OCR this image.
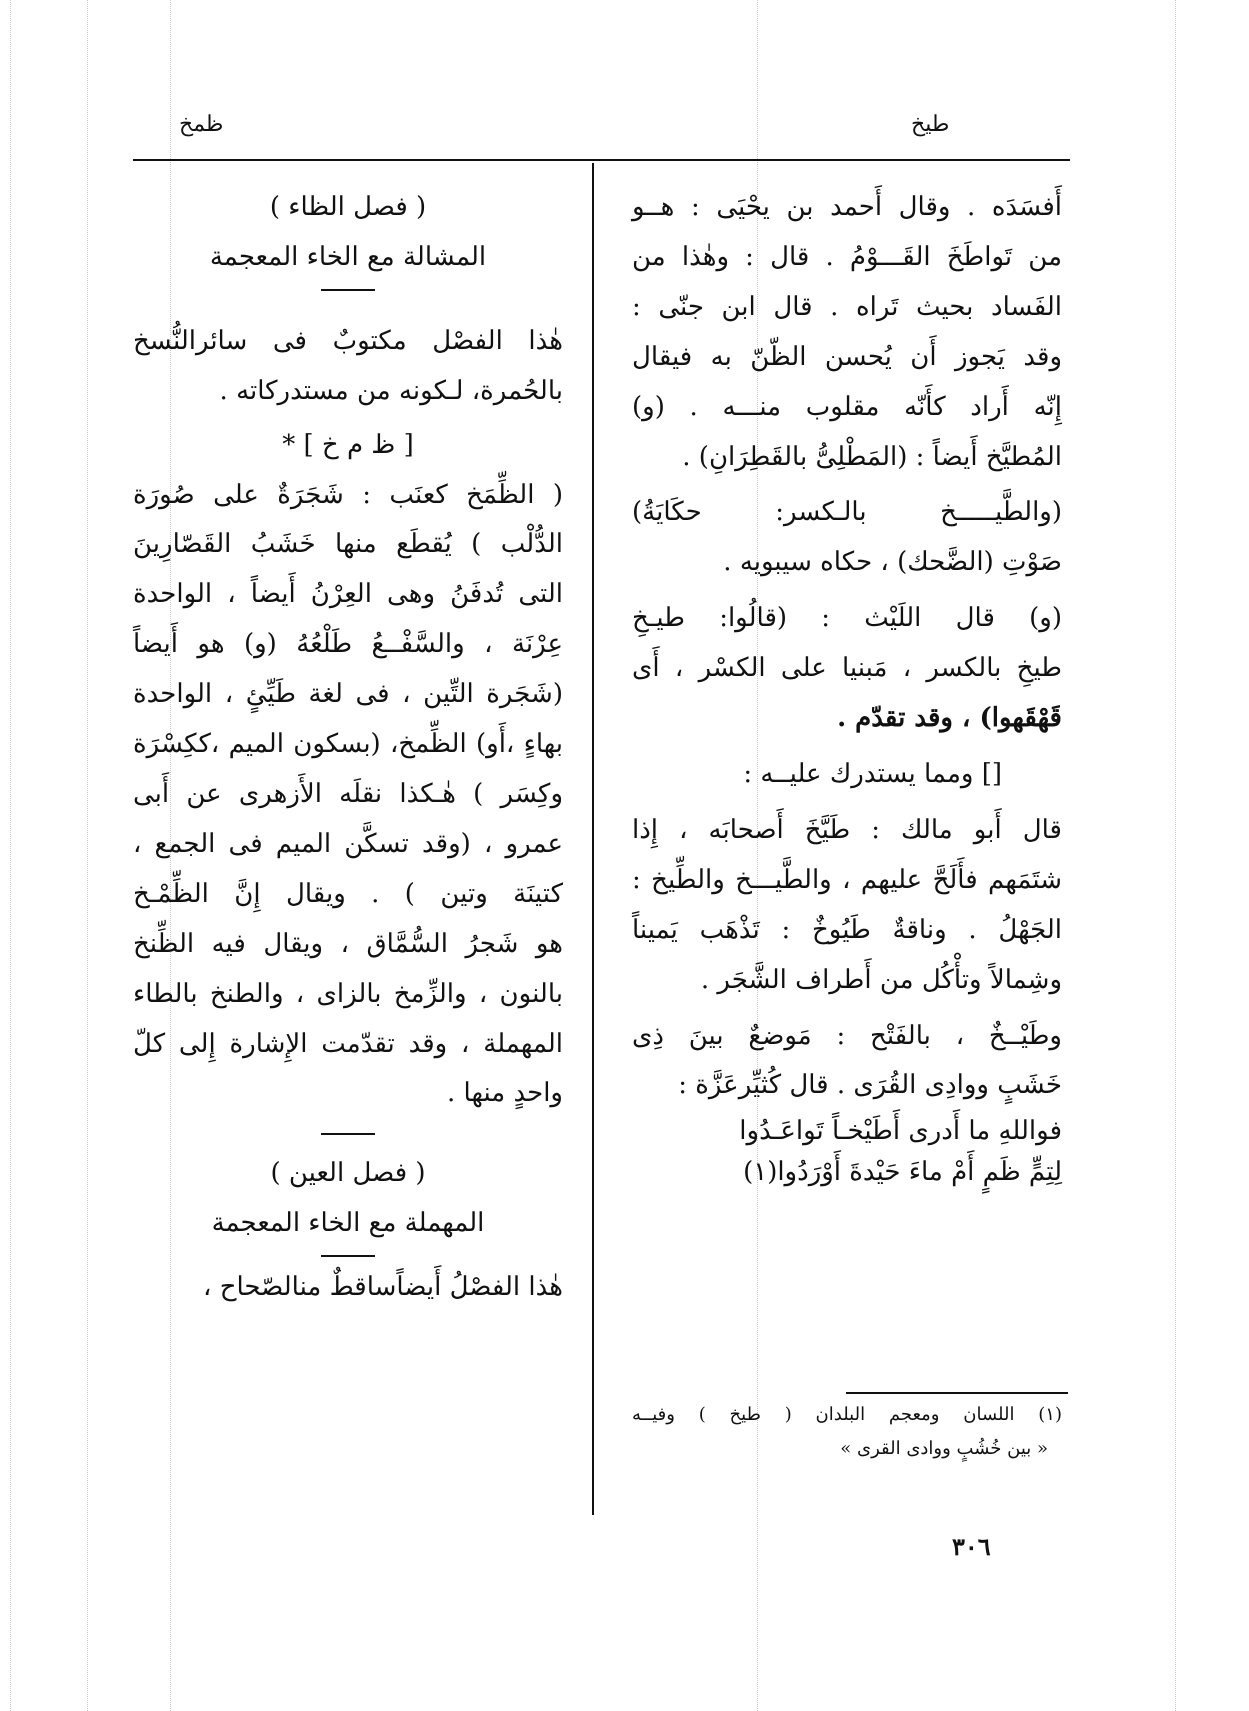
طيخ
ظمخ

أَفسَدَه . وقال أَحمد بن يحْيَى : هــو
من تَواطَخَ القَـــوْمُ . قال : وهٰذا من
الفَساد بحيث تَراه . قال ابن جنّى :
وقد يَجوز أَن يُحسن الظّنّ به فيقال
إِنّه أَراد كأَنّه مقلوب منـــه . (و)
المُطيَّخ أَيضاً : (المَطْلِىُّ بالقَطِرَانِ) .

(والطَّيـــــخ بالـكسر: حكَايَةُ)
صَوْتِ (الضَّحك) ، حكاه سيبويه .

(و) قال اللَيْث : (قالُوا: طيـخِ
طيخِ بالكسر ، مَبنيا على الكسْر ، أَى
قَهْقَهوا) ، وقد تقدّم .

[] ومما يستدرك عليــه :

قال أَبو مالك : طَيَّخَ أَصحابَه ، إِذا
شتَمَهم فأَلَحَّ عليهم ، والطَّيـــخ والطِّيخ :
الجَهْلُ . وناقةٌ طَيُوخٌ : تَذْهَب يَميناً
وشِمالاً وتأْكُل من أَطراف الشَّجَر .

وطَيْــخٌ ، بالفَتْح : مَوضعٌ بينَ ذِى
خَشَبٍ ووادِى القُرَى . قال كُثيِّرعَزَّة :

فواللهِ ما أَدرى أَطَيْخـاً تَواعَـدُوا
لِتِمٍّ ظَمٍ أَمْ ماءَ حَيْدةَ أَوْرَدُوا(١)

(١) اللسان ومعجم البلدان ( طيخ ) وفيــه
« بين خُشُبٍ ووادى القرى »
( فصل الظاء )
المشالة مع الخاء المعجمة

هٰذا الفصْل مكتوبٌ فى سائرالنُّسخ
بالحُمرة، لـكونه من مستدركاته .

[ ظ م خ ] *

( الظِّمَخ كعنَب : شَجَرَةٌ على صُورَة
الدُّلْب ) يُقطَع منها خَشَبُ القَصّارِينَ
التى تُدفَنُ وهى العِرْنُ أَيضاً ، الواحدة
عِرْنَة ، والسَّفْــعُ طَلْعُهُ (و) هو أَيضاً
(شَجَرة التِّين ، فى لغة طَيِّئٍ ، الواحدة
بهاءٍ ،أَو) الظِّمخ، (بسكون الميم ،ككِسْرَة
وكِسَر ) هٰـكذا نقلَه الأَزهرى عن أَبى
عمرو ، (وقد تسكَّن الميم فى الجمع ،
كتينَة وتين ) . ويقال إِنَّ الظِّمْـخ
هو شَجرُ السُّمَّاق ، ويقال فيه الظِّنخ
بالنون ، والزِّمخ بالزاى ، والطنخ بالطاء
المهملة ، وقد تقدّمت الإِشارة إِلى كلّ
واحدٍ منها .

( فصل العين )
المهملة مع الخاء المعجمة
هٰذا الفصْلُ أَيضاًساقطٌ منالصّحاح ،
٣٠٦
